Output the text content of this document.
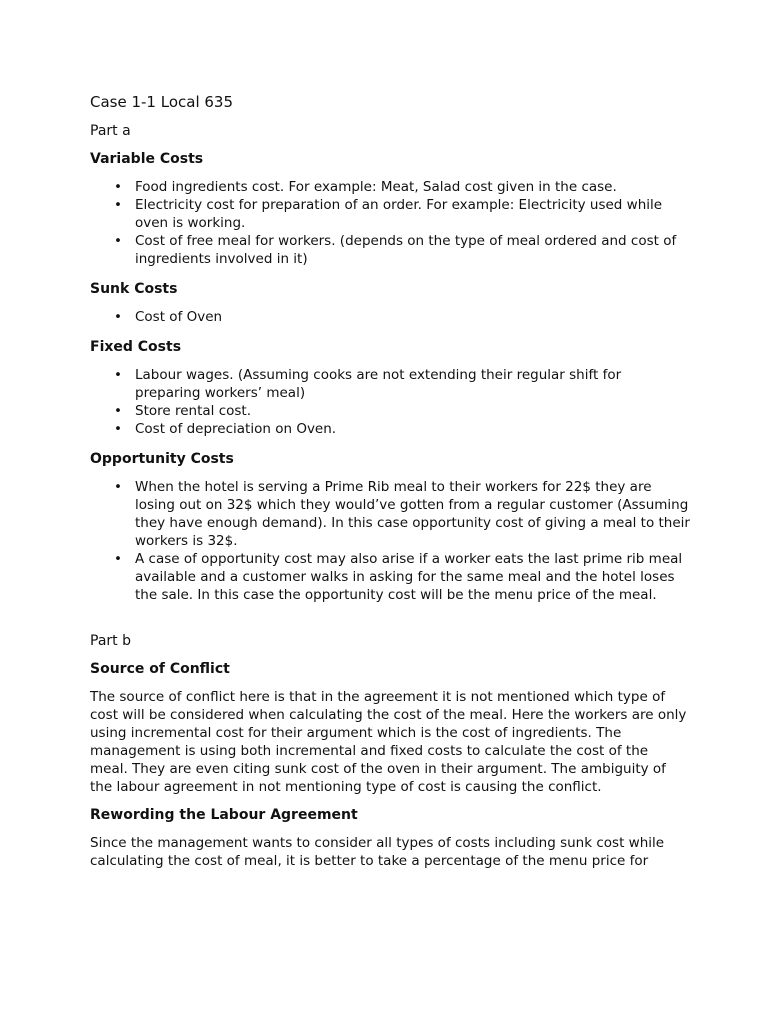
Case 1-1 Local 635
Part a
Variable Costs
• Food ingredients cost. For example: Meat, Salad cost given in the case.
• Electricity cost for preparation of an order. For example: Electricity used while oven is working.
• Cost of free meal for workers. (depends on the type of meal ordered and cost of ingredients involved in it)
Sunk Costs
• Cost of Oven
Fixed Costs
• Labour wages. (Assuming cooks are not extending their regular shift for preparing workers’ meal)
• Store rental cost.
• Cost of depreciation on Oven.
Opportunity Costs
• When the hotel is serving a Prime Rib meal to their workers for 22$ they are losing out on 32$ which they would’ve gotten from a regular customer (Assuming they have enough demand). In this case opportunity cost of giving a meal to their workers is 32$.
• A case of opportunity cost may also arise if a worker eats the last prime rib meal available and a customer walks in asking for the same meal and the hotel loses the sale. In this case the opportunity cost will be the menu price of the meal.
Part b
Source of Conflict

The source of conflict here is that in the agreement it is not mentioned which type of cost will be considered when calculating the cost of the meal. Here the workers are only using incremental cost for their argument which is the cost of ingredients. The management is using both incremental and fixed costs to calculate the cost of the meal. They are even citing sunk cost of the oven in their argument. The ambiguity of the labour agreement in not mentioning type of cost is causing the conflict.

Rewording the Labour Agreement

Since the management wants to consider all types of costs including sunk cost while calculating the cost of meal, it is better to take a percentage of the menu price for
